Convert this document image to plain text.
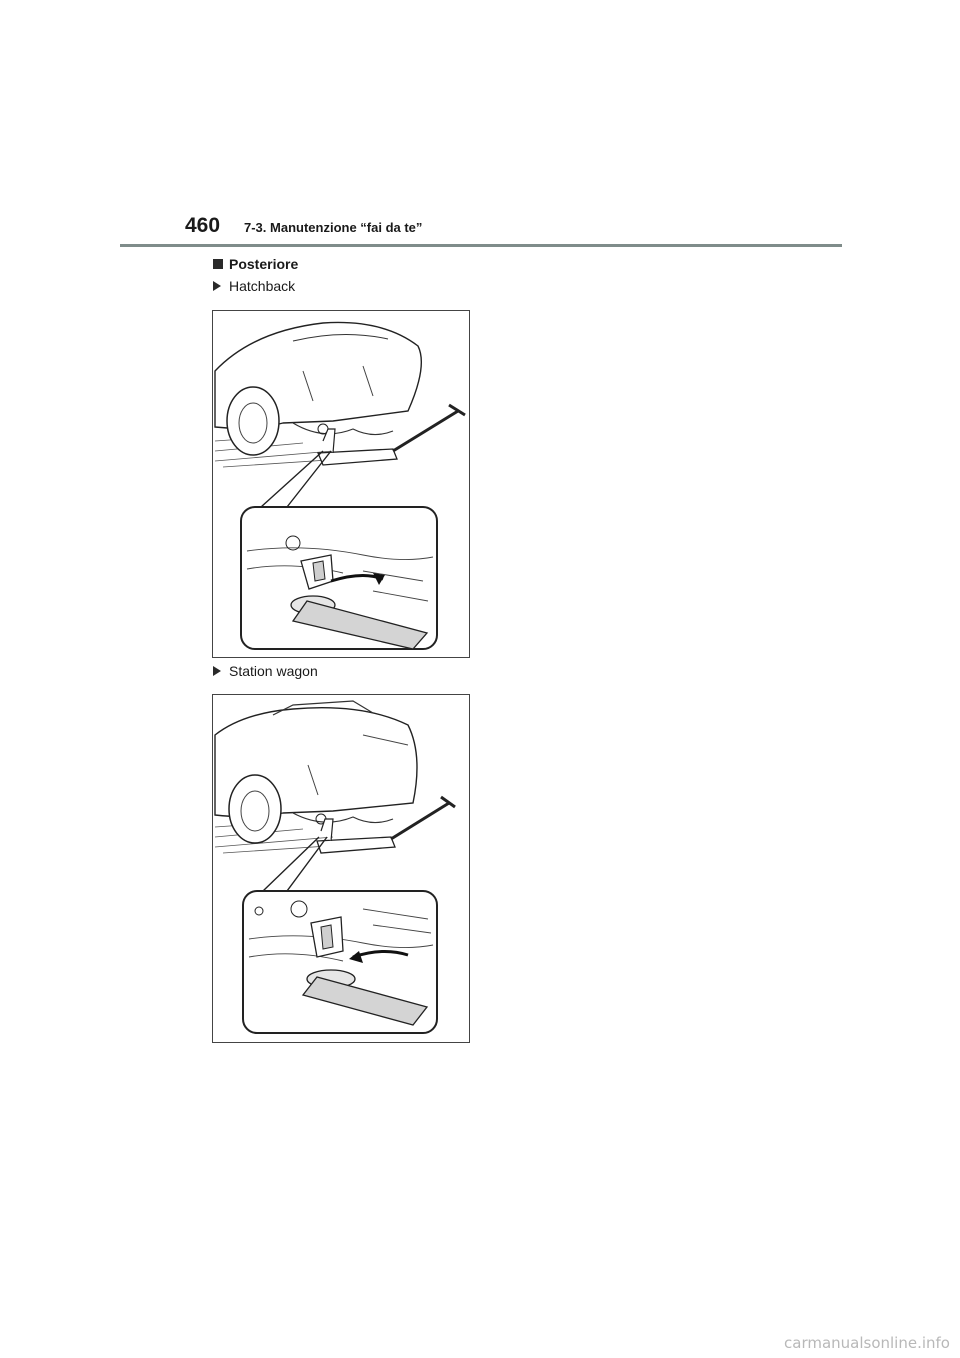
460 7-3. Manutenzione “fai da te”
Posteriore
Hatchback
Station wagon
carmanualsonline.info
